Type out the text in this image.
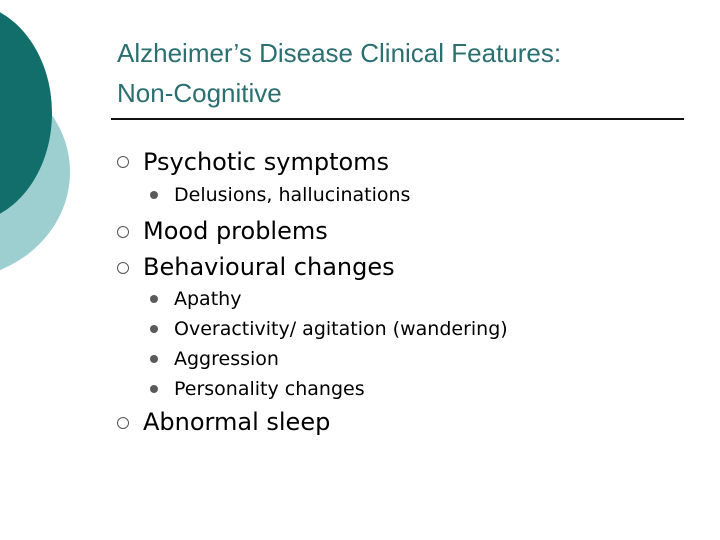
Alzheimer’s Disease Clinical Features:
Non-Cognitive
Psychotic symptoms
Delusions, hallucinations
Mood problems
Behavioural changes
Apathy
Overactivity/ agitation (wandering)
Aggression
Personality changes
Abnormal sleep
